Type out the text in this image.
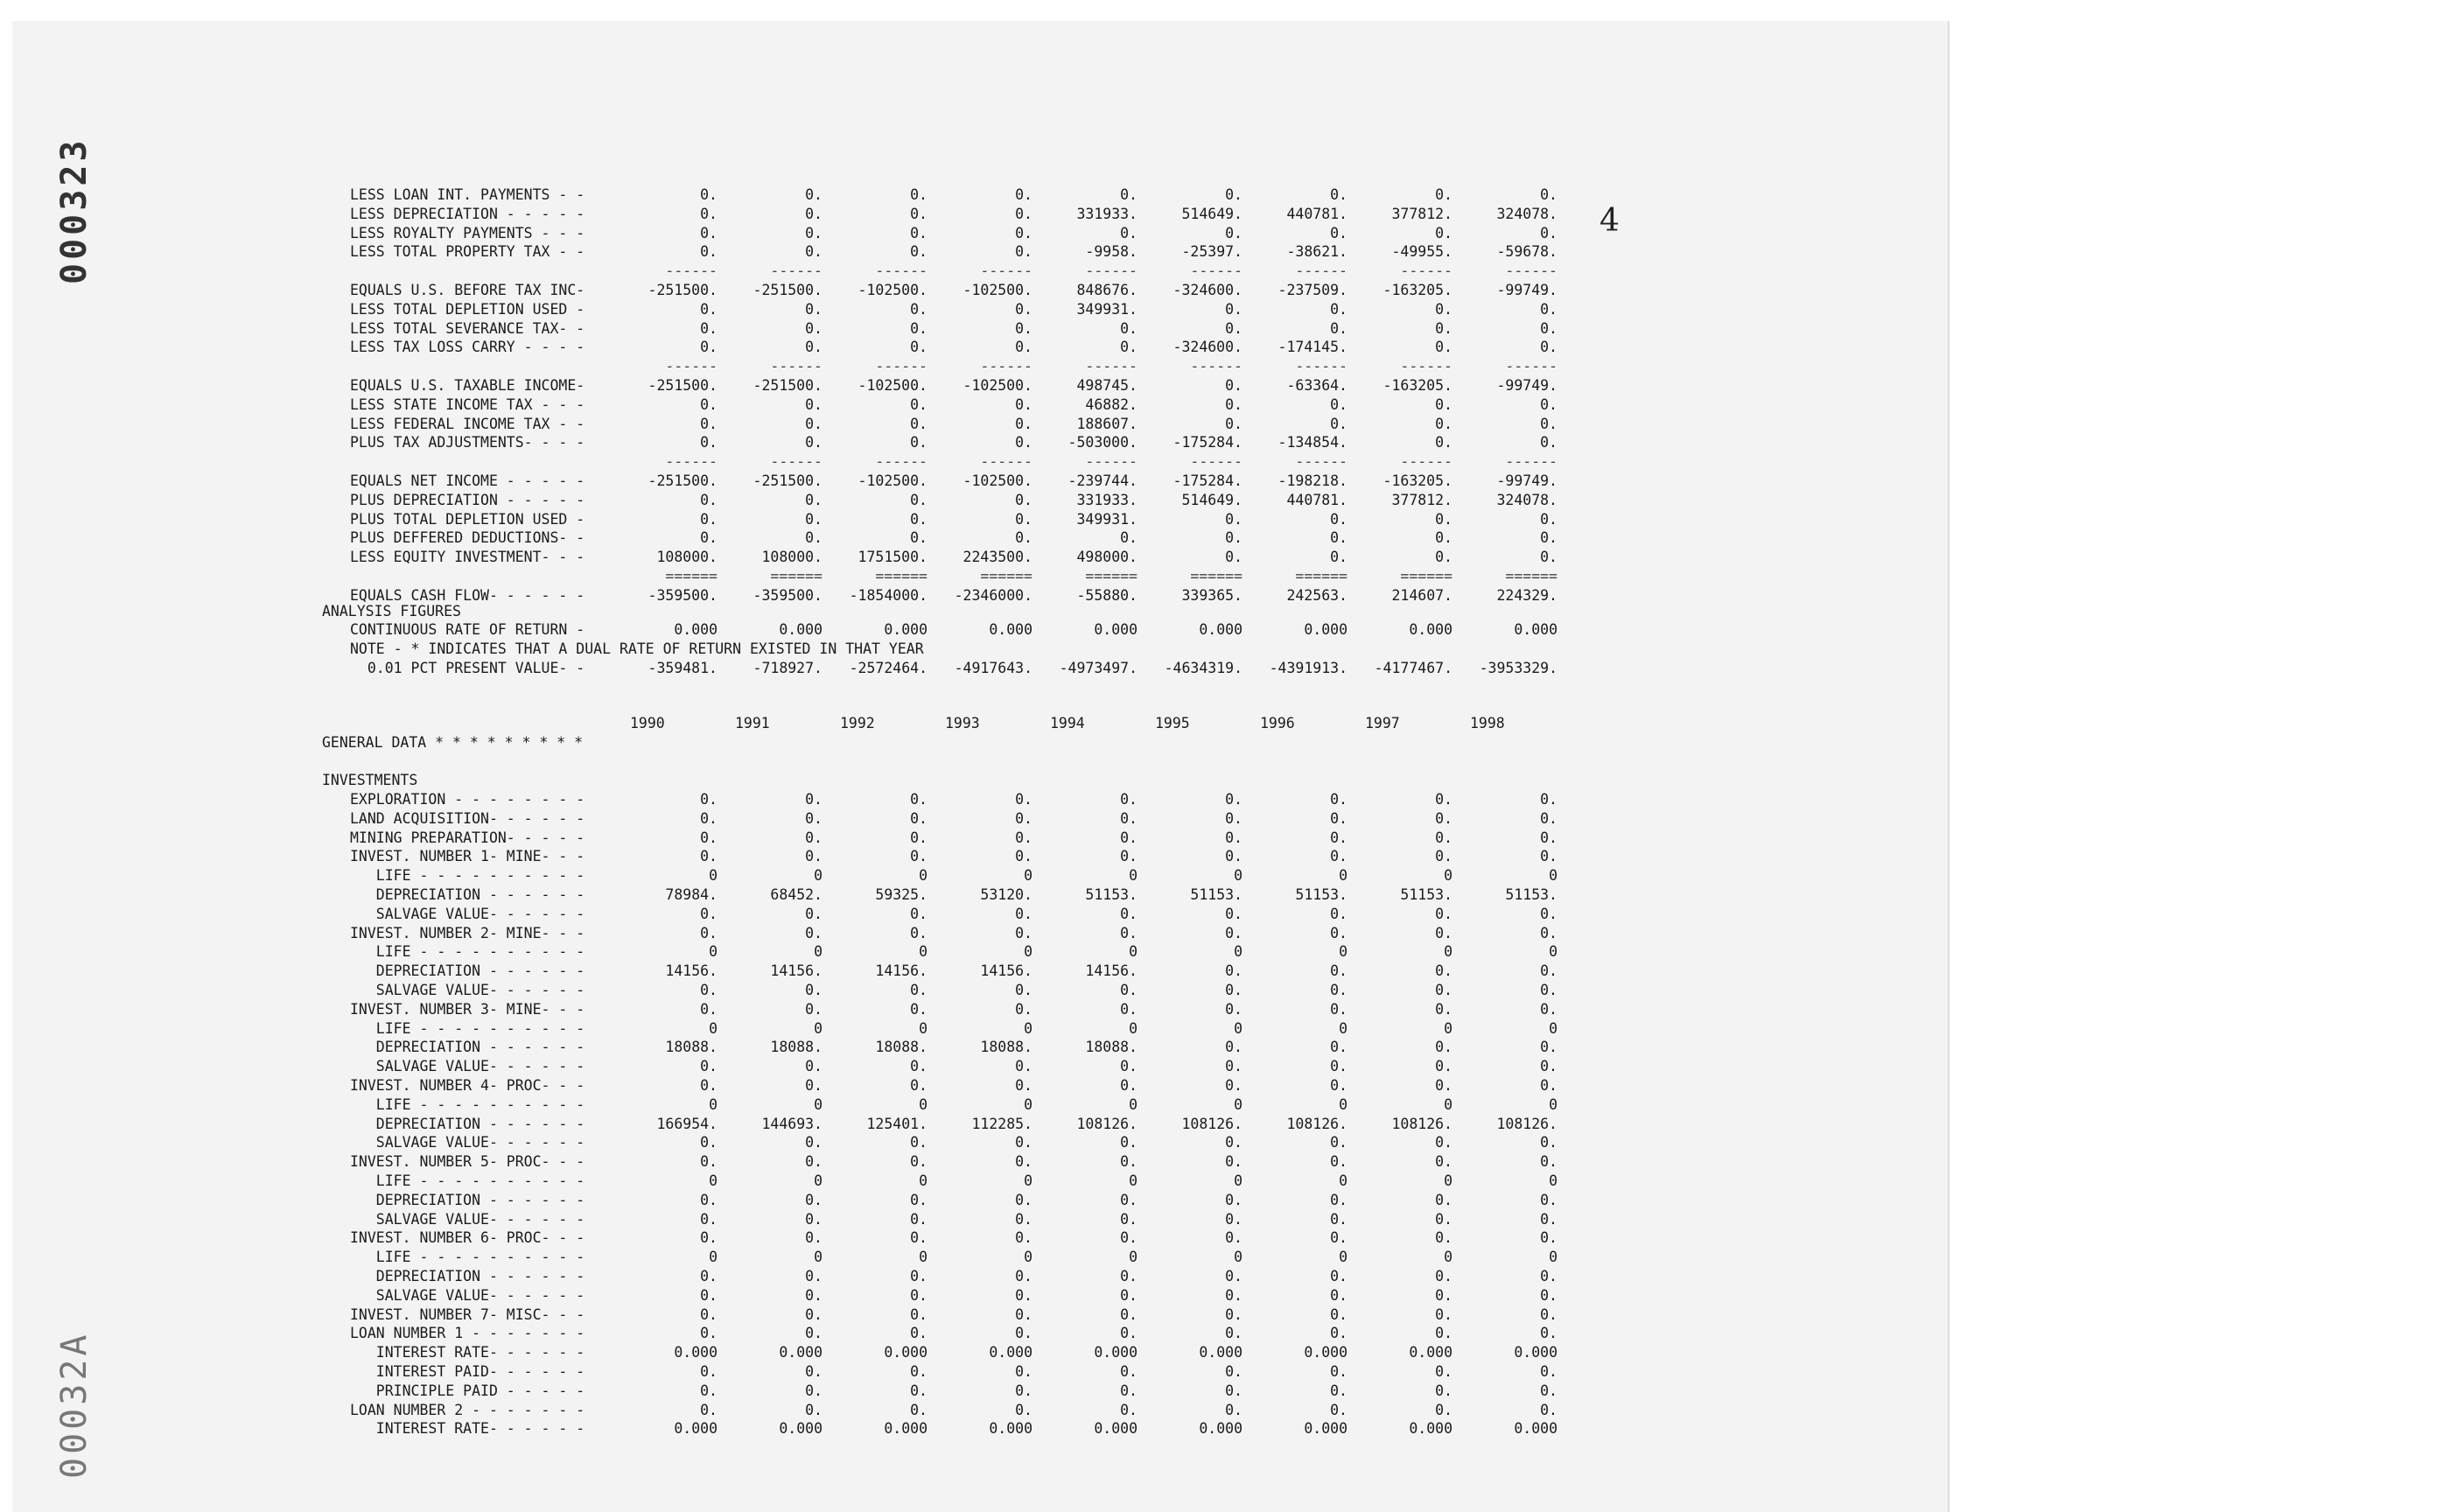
000323
00032A
4
ANALYSIS FIGURES
NOTE - * INDICATES THAT A DUAL RATE OF RETURN EXISTED IN THAT YEAR
GENERAL DATA * * * * * * * * *
INVESTMENTS
1990	1991	1992	1993	1994	1995	1996	1997	1998
LESS LOAN INT. PAYMENTS - -	0.	0.	0.	0.	0.	0.	0.	0.	0.
LESS DEPRECIATION - - - - -	0.	0.	0.	0.	331933.	514649.	440781.	377812.	324078.
LESS ROYALTY PAYMENTS - - -	0.	0.	0.	0.	0.	0.	0.	0.	0.
LESS TOTAL PROPERTY TAX - -	0.	0.	0.	0.	-9958.	-25397.	-38621.	-49955.	-59678.
------	------	------	------	------	------	------	------	------
EQUALS U.S. BEFORE TAX INC-	-251500.	-251500.	-102500.	-102500.	848676.	-324600.	-237509.	-163205.	-99749.
LESS TOTAL DEPLETION USED -	0.	0.	0.	0.	349931.	0.	0.	0.	0.
LESS TOTAL SEVERANCE TAX- -	0.	0.	0.	0.	0.	0.	0.	0.	0.
LESS TAX LOSS CARRY - - - -	0.	0.	0.	0.	0.	-324600.	-174145.	0.	0.
------	------	------	------	------	------	------	------	------
EQUALS U.S. TAXABLE INCOME-	-251500.	-251500.	-102500.	-102500.	498745.	0.	-63364.	-163205.	-99749.
LESS STATE INCOME TAX - - -	0.	0.	0.	0.	46882.	0.	0.	0.	0.
LESS FEDERAL INCOME TAX - -	0.	0.	0.	0.	188607.	0.	0.	0.	0.
PLUS TAX ADJUSTMENTS- - - -	0.	0.	0.	0.	-503000.	-175284.	-134854.	0.	0.
------	------	------	------	------	------	------	------	------
EQUALS NET INCOME - - - - -	-251500.	-251500.	-102500.	-102500.	-239744.	-175284.	-198218.	-163205.	-99749.
PLUS DEPRECIATION - - - - -	0.	0.	0.	0.	331933.	514649.	440781.	377812.	324078.
PLUS TOTAL DEPLETION USED -	0.	0.	0.	0.	349931.	0.	0.	0.	0.
PLUS DEFFERED DEDUCTIONS- -	0.	0.	0.	0.	0.	0.	0.	0.	0.
LESS EQUITY INVESTMENT- - -	108000.	108000.	1751500.	2243500.	498000.	0.	0.	0.	0.
======	======	======	======	======	======	======	======	======
EQUALS CASH FLOW- - - - - -	-359500.	-359500.	-1854000.	-2346000.	-55880.	339365.	242563.	214607.	224329.
CONTINUOUS RATE OF RETURN -	0.000	0.000	0.000	0.000	0.000	0.000	0.000	0.000	0.000
0.01 PCT PRESENT VALUE- -	-359481.	-718927.	-2572464.	-4917643.	-4973497.	-4634319.	-4391913.	-4177467.	-3953329.
EXPLORATION - - - - - - - -	0.	0.	0.	0.	0.	0.	0.	0.	0.
LAND ACQUISITION- - - - - -	0.	0.	0.	0.	0.	0.	0.	0.	0.
MINING PREPARATION- - - - -	0.	0.	0.	0.	0.	0.	0.	0.	0.
INVEST. NUMBER 1- MINE- - -	0.	0.	0.	0.	0.	0.	0.	0.	0.
LIFE - - - - - - - - - -	0	0	0	0	0	0	0	0	0
DEPRECIATION - - - - - -	78984.	68452.	59325.	53120.	51153.	51153.	51153.	51153.	51153.
SALVAGE VALUE- - - - - -	0.	0.	0.	0.	0.	0.	0.	0.	0.
INVEST. NUMBER 2- MINE- - -	0.	0.	0.	0.	0.	0.	0.	0.	0.
LIFE - - - - - - - - - -	0	0	0	0	0	0	0	0	0
DEPRECIATION - - - - - -	14156.	14156.	14156.	14156.	14156.	0.	0.	0.	0.
SALVAGE VALUE- - - - - -	0.	0.	0.	0.	0.	0.	0.	0.	0.
INVEST. NUMBER 3- MINE- - -	0.	0.	0.	0.	0.	0.	0.	0.	0.
LIFE - - - - - - - - - -	0	0	0	0	0	0	0	0	0
DEPRECIATION - - - - - -	18088.	18088.	18088.	18088.	18088.	0.	0.	0.	0.
SALVAGE VALUE- - - - - -	0.	0.	0.	0.	0.	0.	0.	0.	0.
INVEST. NUMBER 4- PROC- - -	0.	0.	0.	0.	0.	0.	0.	0.	0.
LIFE - - - - - - - - - -	0	0	0	0	0	0	0	0	0
DEPRECIATION - - - - - -	166954.	144693.	125401.	112285.	108126.	108126.	108126.	108126.	108126.
SALVAGE VALUE- - - - - -	0.	0.	0.	0.	0.	0.	0.	0.	0.
INVEST. NUMBER 5- PROC- - -	0.	0.	0.	0.	0.	0.	0.	0.	0.
LIFE - - - - - - - - - -	0	0	0	0	0	0	0	0	0
DEPRECIATION - - - - - -	0.	0.	0.	0.	0.	0.	0.	0.	0.
SALVAGE VALUE- - - - - -	0.	0.	0.	0.	0.	0.	0.	0.	0.
INVEST. NUMBER 6- PROC- - -	0.	0.	0.	0.	0.	0.	0.	0.	0.
LIFE - - - - - - - - - -	0	0	0	0	0	0	0	0	0
DEPRECIATION - - - - - -	0.	0.	0.	0.	0.	0.	0.	0.	0.
SALVAGE VALUE- - - - - -	0.	0.	0.	0.	0.	0.	0.	0.	0.
INVEST. NUMBER 7- MISC- - -	0.	0.	0.	0.	0.	0.	0.	0.	0.
LOAN NUMBER 1 - - - - - - -	0.	0.	0.	0.	0.	0.	0.	0.	0.
INTEREST RATE- - - - - -	0.000	0.000	0.000	0.000	0.000	0.000	0.000	0.000	0.000
INTEREST PAID- - - - - -	0.	0.	0.	0.	0.	0.	0.	0.	0.
PRINCIPLE PAID - - - - -	0.	0.	0.	0.	0.	0.	0.	0.	0.
LOAN NUMBER 2 - - - - - - -	0.	0.	0.	0.	0.	0.	0.	0.	0.
INTEREST RATE- - - - - -	0.000	0.000	0.000	0.000	0.000	0.000	0.000	0.000	0.000
